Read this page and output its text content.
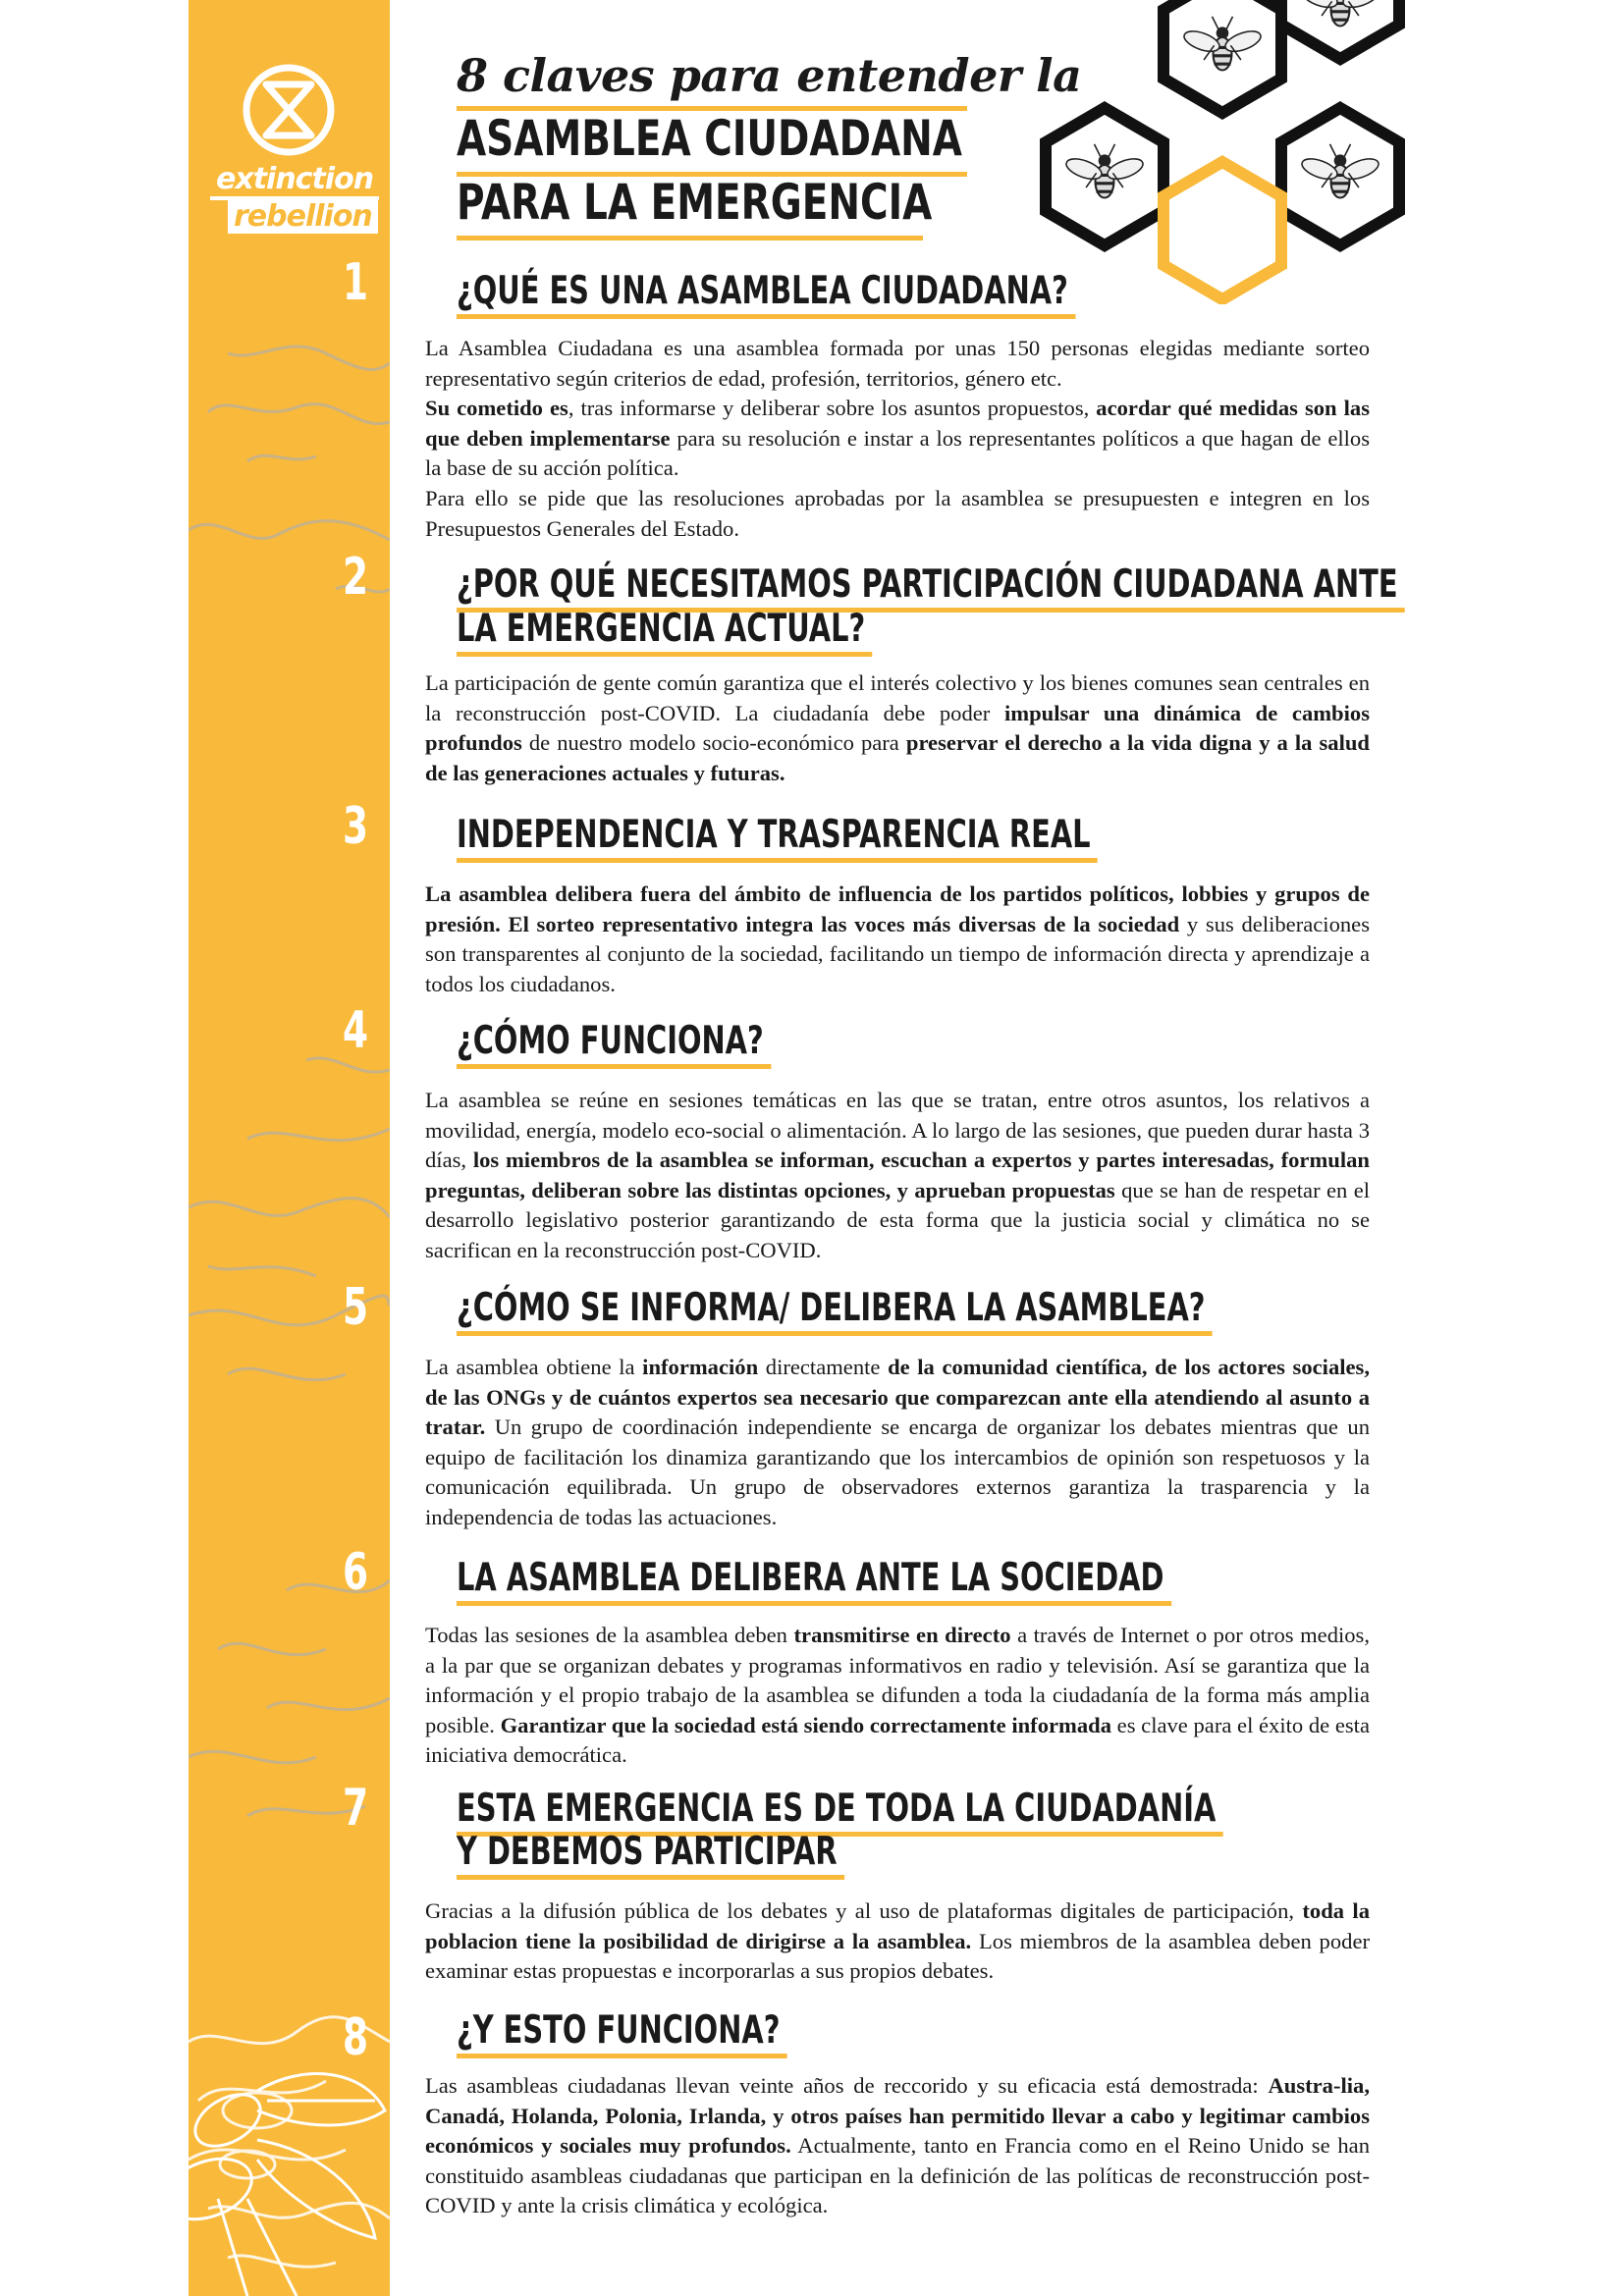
extinction rebellion
1
2
3
4
5
6
7
8
8 claves para entender la
ASAMBLEA CIUDADANA
PARA LA EMERGENCIA
¿QUÉ ES UNA ASAMBLEA CIUDADANA?

La Asamblea Ciudadana es una asamblea formada por unas 150 personas elegidas mediante sorteo representativo según criterios de edad, profesión, territorios, género etc.

Su cometido es, tras informarse y deliberar sobre los asuntos propuestos, acordar qué medidas son las que deben implementarse para su resolución e instar a los representantes políticos a que hagan de ellos la base de su acción política.

Para ello se pide que las resoluciones aprobadas por la asamblea se presupuesten e integren en los Presupuestos Generales del Estado.

¿POR QUÉ NECESITAMOS PARTICIPACIÓN CIUDADANA ANTE
LA EMERGENCIA ACTUAL?

La participación de gente común garantiza que el interés colectivo y los bienes comunes sean centrales en la reconstrucción post-COVID. La ciudadanía debe poder impulsar una dinámica de cambios profundos de nuestro modelo socio-económico para preservar el derecho a la vida digna y a la salud de las generaciones actuales y futuras.

INDEPENDENCIA Y TRASPARENCIA REAL

La asamblea delibera fuera del ámbito de influencia de los partidos políticos, lobbies y grupos de presión. El sorteo representativo integra las voces más diversas de la sociedad y sus deliberaciones son transparentes al conjunto de la sociedad, facilitando un tiempo de información directa y aprendizaje a todos los ciudadanos.

¿CÓMO FUNCIONA?

La asamblea se reúne en sesiones temáticas en las que se tratan, entre otros asuntos, los relativos a movilidad, energía, modelo eco-social o alimentación. A lo largo de las sesiones, que pueden durar hasta 3 días, los miembros de la asamblea se informan, escuchan a expertos y partes interesadas, formulan preguntas, deliberan sobre las distintas opciones, y aprueban propuestas que se han de respetar en el desarrollo legislativo posterior garantizando de esta forma que la justicia social y climática no se sacrifican en la reconstrucción post-COVID.

¿CÓMO SE INFORMA/ DELIBERA LA ASAMBLEA?

La asamblea obtiene la información directamente de la comunidad científica, de los actores sociales, de las ONGs y de cuántos expertos sea necesario que comparezcan ante ella atendiendo al asunto a tratar. Un grupo de coordinación independiente se encarga de organizar los debates mientras que un equipo de facilitación los dinamiza garantizando que los intercambios de opinión son respetuosos y la comunicación equilibrada. Un grupo de observadores externos garantiza la trasparencia y la independencia de todas las actuaciones.

LA ASAMBLEA DELIBERA ANTE LA SOCIEDAD

Todas las sesiones de la asamblea deben transmitirse en directo a través de Internet o por otros medios, a la par que se organizan debates y programas informativos en radio y televisión. Así se garantiza que la información y el propio trabajo de la asamblea se difunden a toda la ciudadanía de la forma más amplia posible. Garantizar que la sociedad está siendo correctamente informada es clave para el éxito de esta iniciativa democrática.

ESTA EMERGENCIA ES DE TODA LA CIUDADANÍA
Y DEBEMOS PARTICIPAR

Gracias a la difusión pública de los debates y al uso de plataformas digitales de participación, toda la poblacion tiene la posibilidad de dirigirse a la asamblea. Los miembros de la asamblea deben poder examinar estas propuestas e incorporarlas a sus propios debates.

¿Y ESTO FUNCIONA?

Las asambleas ciudadanas llevan veinte años de reccorido y su eficacia está demostrada: Austra-lia, Canadá, Holanda, Polonia, Irlanda, y otros países han permitido llevar a cabo y legitimar cambios económicos y sociales muy profundos. Actualmente, tanto en Francia como en el Reino Unido se han constituido asambleas ciudadanas que participan en la definición de las políticas de reconstrucción post-COVID y ante la crisis climática y ecológica.
